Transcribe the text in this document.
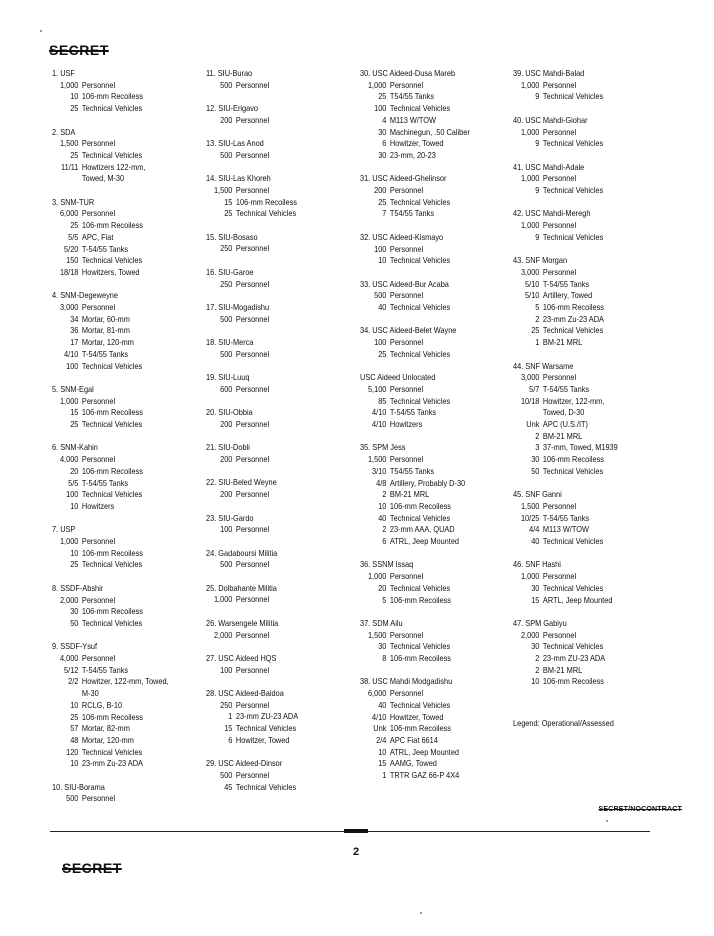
SECRET
1. USF
1,000 Personnel
10 106-mm Recoiless
25 Technical Vehicles
2. SDA
1,500 Personnel
25 Technical Vehicles
11/11 Howtizers 122-mm,
Towed, M-30
3. SNM-TUR
6,000 Personnel
25 106-mm Recoiless
5/5 APC, Fiat
5/20 T-54/55 Tanks
150 Technical Vehicles
18/18 Howitzers, Towed
4. SNM-Degeweyne
3,000 Personnel
34 Mortar, 60-mm
36 Mortar, 81-mm
17 Mortar, 120-mm
4/10 T-54/55 Tanks
100 Technical Vehicles
5. SNM-Egal
1,000 Personnel
15 106-mm Recoiless
25 Technical Vehicles
6. SNM-Kahin
4,000 Personnel
20 106-mm Recoiless
5/5 T-54/55 Tanks
100 Technical Vehicles
10 Howitzers
7. USP
1,000 Personnel
10 106-mm Recoiless
25 Technical Vehicles
8. SSDF-Abshir
2,000 Personnel
30 106-mm Recoiless
50 Technical Vehicles
9. SSDF-Ysuf
4,000 Personnel
5/12 T-54/55 Tanks
2/2 Howitzer, 122-mm, Towed,
M-30
10 RCLG, B-10
25 106-mm Recoiless
57 Mortar, 82-mm
48 Mortar, 120-mm
120 Technical Vehicles
10 23-mm Zu-23 ADA
10. SIU-Borama
500 Personnel
11. SIU-Burao
500 Personnel
12. SIU-Erigavo
200 Personnel
13. SIU-Las Anod
500 Personnel
14. SIU-Las Khoreh
1,500 Personnel
15 106-mm Recoiless
25 Technical Vehicles
15. SIU-Bosaso
250 Personnel
16. SIU-Garoe
250 Personnel
17. SIU-Mogadishu
500 Personnel
18. SIU-Merca
500 Personnel
19. SIU-Luuq
600 Personnel
20. SIU-Obbia
200 Personnel
21. SIU-Dobli
200 Personnel
22. SIU-Beled Weyne
200 Personnel
23. SIU-Gardo
100 Personnel
24. Gadaboursi Militia
500 Personnel
25. Dolbahante Militia
1,000 Personnel
26. Warsengele Militia
2,000 Personnel
27. USC Aideed HQS
100 Personnel
28. USC Aideed-Baidoa
250 Personnel
1 23-mm ZU-23 ADA
15 Technical Vehicles
6 Howitzer, Towed
29. USC Aideed-Dinsor
500 Personnel
45 Technical Vehicles
30. USC Aideed-Dusa Mareb
1,000 Personnel
25 T54/55 Tanks
100 Technical Vehicles
4 M113 W/TOW
30 Machinegun, .50 Caliber
6 Howitzer, Towed
30 23-mm, 20-23
31. USC Aideed-Ghelinsor
200 Personnel
25 Technical Vehicles
7 T54/55 Tanks
32. USC Aideed-Kismayo
100 Personnel
10 Technical Vehicles
33. USC Aideed-Bur Acaba
500 Personnel
40 Technical Vehicles
34. USC Aideed-Belet Wayne
100 Personnel
25 Technical Vehicles
USC Aideed Unlocated
5,100 Personnel
85 Technical Vehicles
4/10 T-54/55 Tanks
4/10 Howitzers
35. SPM Jess
1,500 Personnel
3/10 T54/55 Tanks
4/8 Artillery, Probably D-30
2 BM-21 MRL
10 106-mm Recoiless
40 Technical Vehicles
2 23-mm AAA, QUAD
6 ATRL, Jeep Mounted
36. SSNM Issaq
1,000 Personnel
20 Technical Vehicles
5 106-mm Recoiless
37. SDM Ailu
1,500 Personnel
30 Technical Vehicles
8 106-mm Recoiless
38. USC Mahdi Modgadishu
6,000 Personnel
40 Technical Vehicles
4/10 Howitzer, Towed
Unk 106-mm Recoiless
2/4 APC Fiat 6614
10 ATRL, Jeep Mounted
15 AAMG, Towed
1 TRTR GAZ 66-P 4X4
39. USC Mahdi-Balad
1,000 Personnel
9 Technical Vehicles
40. USC Mahdi-Giohar
1,000 Personnel
9 Technical Vehicles
41. USC Mahdi-Adale
1,000 Personnel
9 Technical Vehicles
42. USC Mahdi-Meregh
1,000 Personnel
9 Technical Vehicles
43. SNF Morgan
3,000 Personnel
5/10 T-54/55 Tanks
5/10 Artillery, Towed
5 106-mm Recoiless
2 23-mm Zu-23 ADA
25 Technical Vehicles
1 BM-21 MRL
44. SNF Warsame
3,000 Personnel
5/7 T-54/55 Tanks
10/18 Howitzer, 122-mm,
Towed, D-30
Unk APC (U.S./IT)
2 BM-21 MRL
3 37-mm, Towed, M1939
30 106-mm Recoiless
50 Technical Vehicles
45. SNF Ganni
1,500 Personnel
10/25 T-54/55 Tanks
4/4 M113 W/TOW
40 Technical Vehicles
46. SNF Hashi
1,000 Personnel
30 Technical Vehicles
15 ARTL, Jeep Mounted
47. SPM Gabiyu
2,000 Personnel
30 Technical Vehicles
2 23-mm ZU-23 ADA
2 BM-21 MRL
10 106-mm Recoiless
Legend: Operational/Assessed
SECRET/NOCONTRACT
2
SECRET
